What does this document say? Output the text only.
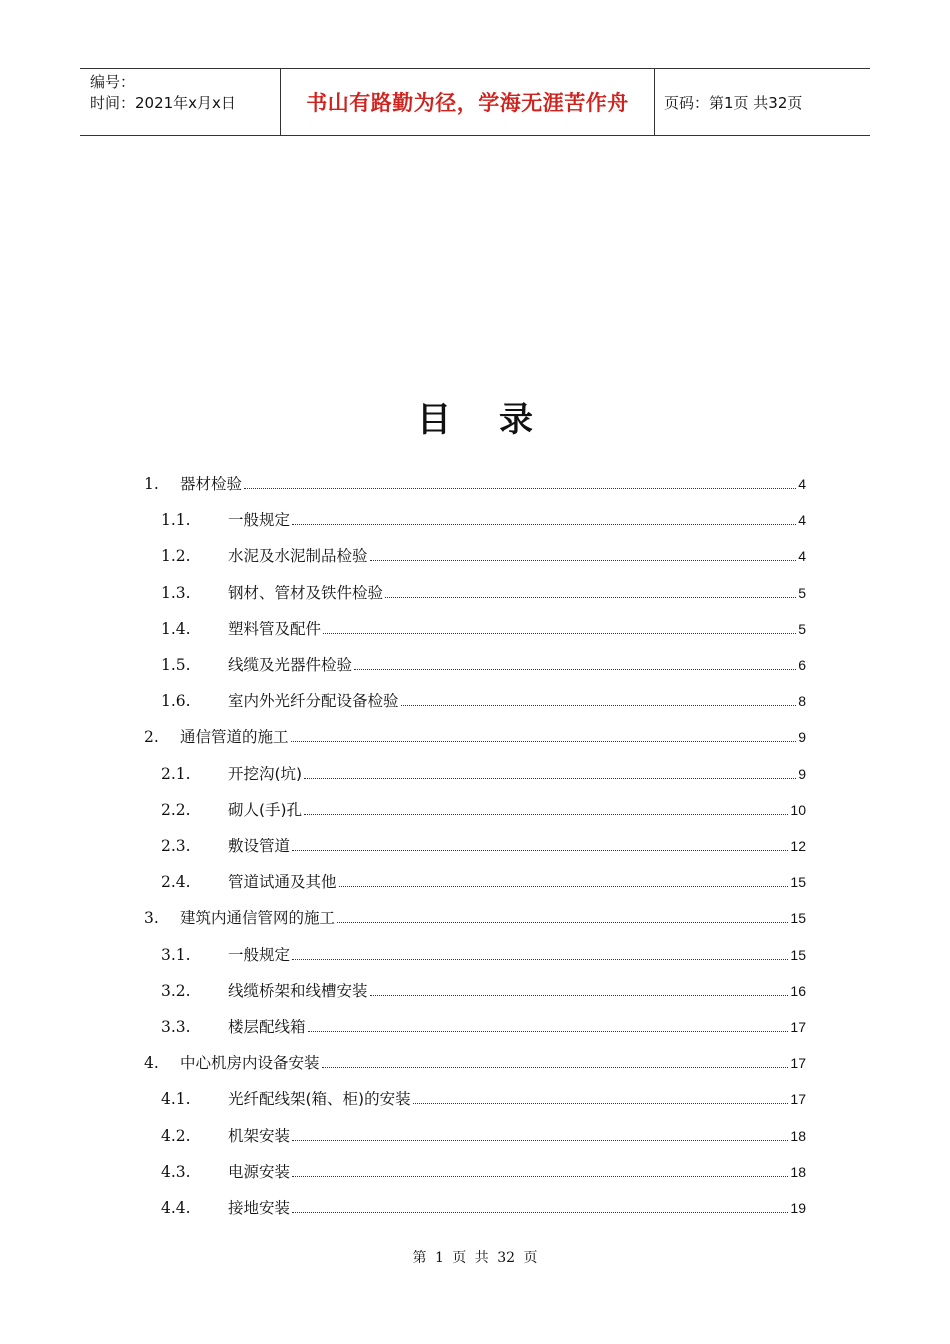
编号：
时间：2021年x月x日	书山有路勤为径，学海无涯苦作舟 页码：第1页 共32页
目录
1.	器材检验	4
1.1.	一般规定	4
1.2.	水泥及水泥制品检验	4
1.3.	钢材、管材及铁件检验	5
1.4.	塑料管及配件	5
1.5.	线缆及光器件检验	6
1.6.	室内外光纤分配设备检验	8
2.	通信管道的施工	9
2.1.	开挖沟(坑)	9
2.2.	砌人(手)孔	10
2.3.	敷设管道	12
2.4.	管道试通及其他	15
3.	建筑内通信管网的施工	15
3.1.	一般规定	15
3.2.	线缆桥架和线槽安装	16
3.3.	楼层配线箱	17
4.	中心机房内设备安装	17
4.1.	光纤配线架(箱、柜)的安装	17
4.2.	机架安装	18
4.3.	电源安装	18
4.4.	接地安装	19
第 1 页 共 32 页
